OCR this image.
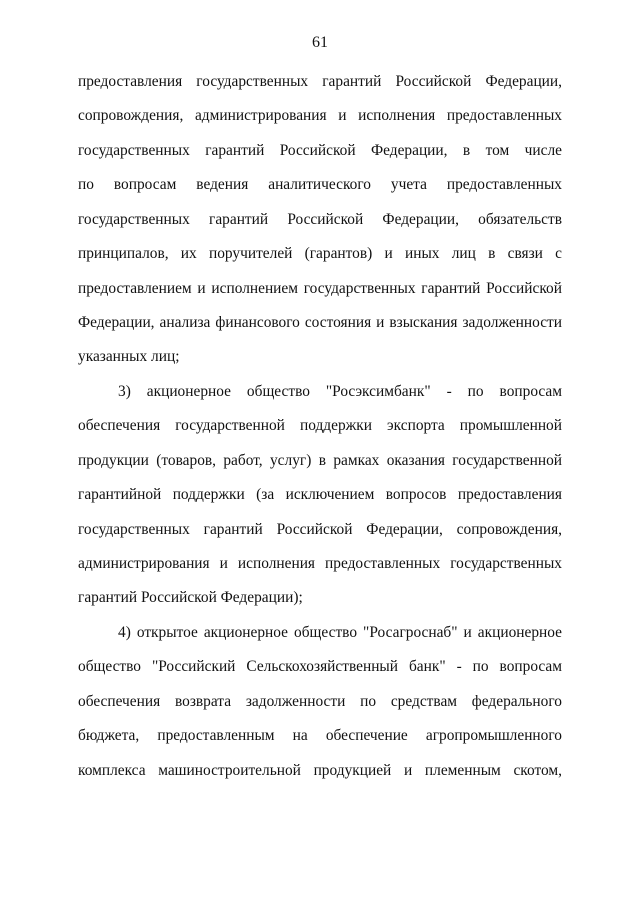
61
предоставления государственных гарантий Российской Федерации,
сопровождения, администрирования и исполнения предоставленных
государственных гарантий Российской Федерации, в том числе
по вопросам ведения аналитического учета предоставленных
государственных гарантий Российской Федерации, обязательств
принципалов, их поручителей (гарантов) и иных лиц в связи с
предоставлением и исполнением государственных гарантий Российской
Федерации, анализа финансового состояния и взыскания задолженности
указанных лиц;
3) акционерное общество "Росэксимбанк" - по вопросам
обеспечения государственной поддержки экспорта промышленной
продукции (товаров, работ, услуг) в рамках оказания государственной
гарантийной поддержки (за исключением вопросов предоставления
государственных гарантий Российской Федерации, сопровождения,
администрирования и исполнения предоставленных государственных
гарантий Российской Федерации);
4) открытое акционерное общество "Росагроснаб" и акционерное
общество "Российский Сельскохозяйственный банк" - по вопросам
обеспечения возврата задолженности по средствам федерального
бюджета, предоставленным на обеспечение агропромышленного
комплекса машиностроительной продукцией и племенным скотом,
